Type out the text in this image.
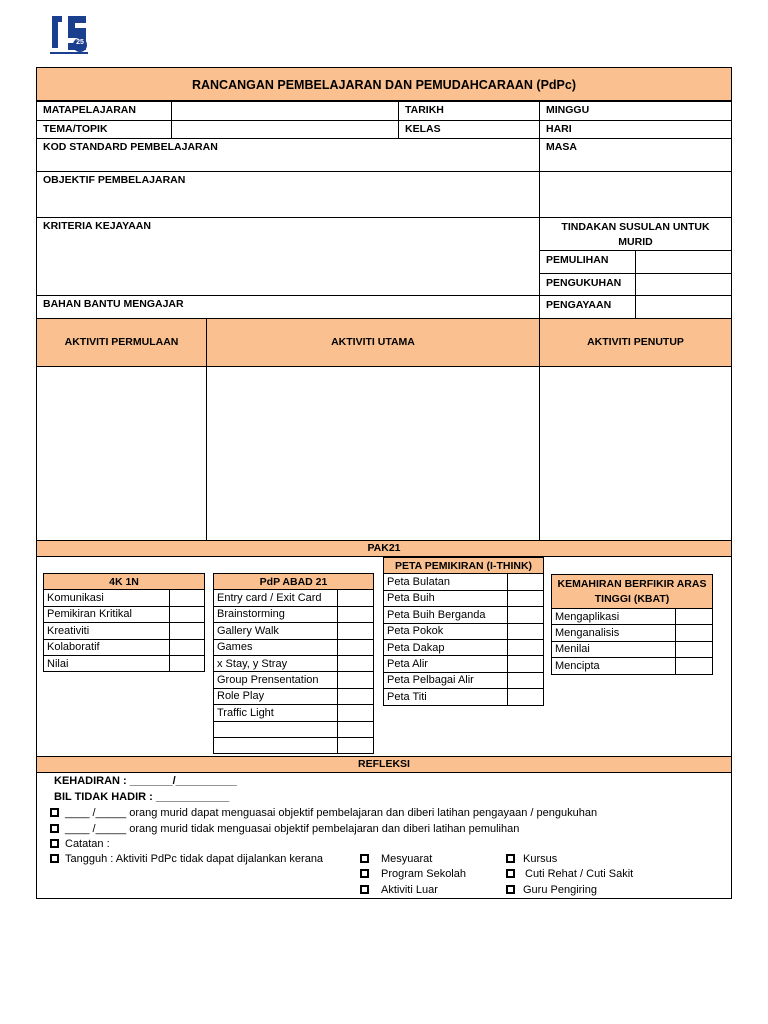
25
RANCANGAN PEMBELAJARAN DAN PEMUDAHCARAAN (PdPc)
MATAPELAJARAN	TARIKH	MINGGU
TEMA/TOPIK	KELAS	HARI
KOD STANDARD PEMBELAJARAN	MASA
OBJEKTIF PEMBELAJARAN
KRITERIA KEJAYAAN	TINDAKAN SUSULAN UNTUK MURID
PEMULIHAN
PENGUKUHAN
BAHAN BANTU MENGAJAR	PENGAYAAN
AKTIVITI PERMULAAN	AKTIVITI UTAMA	AKTIVITI PENUTUP
PAK21
4K 1N	
Komunikasi	
Pemikiran Kritikal	
Kreativiti	
Kolaboratif	
Nilai	
PdP ABAD 21	
Entry card / Exit Card	
Brainstorming	
Gallery Walk	
Games	
x Stay, y Stray	
Group Prensentation	
Role Play	
Traffic Light	

PETA PEMIKIRAN (I-THINK)	
Peta Bulatan	
Peta Buih	
Peta Buih Berganda	
Peta Pokok	
Peta Dakap	
Peta Alir	
Peta Pelbagai Alir	
Peta Titi	
KEMAHIRAN BERFIKIR ARAS TINGGI (KBAT)	
Mengaplikasi	
Menganalisis	
Menilai	
Mencipta	
REFLEKSI
KEHADIRAN : _______/__________
BIL TIDAK HADIR : ____________
____ /_____ orang murid dapat menguasai objektif pembelajaran dan diberi latihan pengayaan / pengukuhan
____ /_____ orang murid tidak menguasai objektif pembelajaran dan diberi latihan pemulihan
Catatan :
Tangguh : Aktiviti PdPc tidak dapat dijalankan kerana	Mesyuarat
Program Sekolah
Aktiviti Luar
Kursus
Cuti Rehat / Cuti Sakit
Guru Pengiring
